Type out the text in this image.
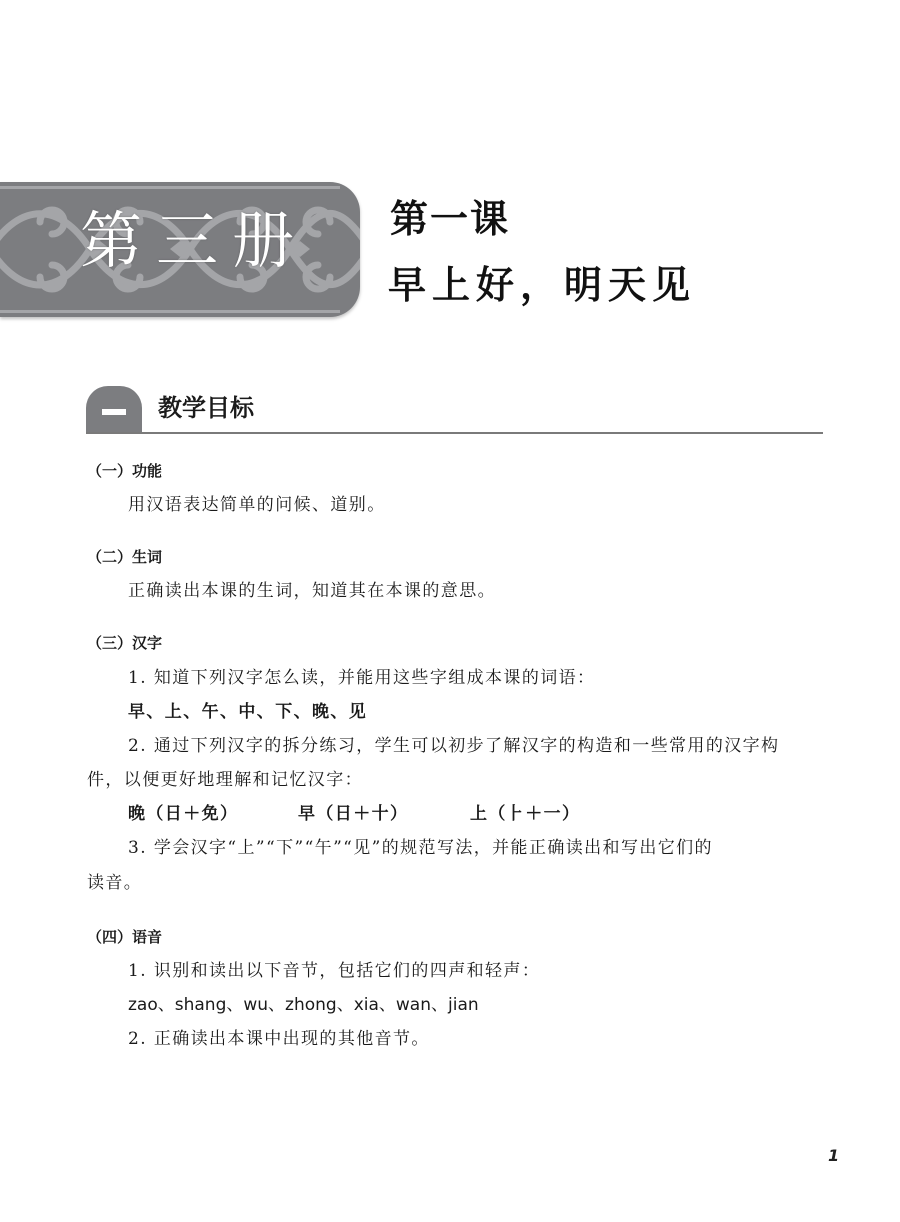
第三册 第一课
早上好，明天见
教学目标
（一）功能
用汉语表达简单的问候、道别。
（二）生词
正确读出本课的生词，知道其在本课的意思。
（三）汉字
1. 知道下列汉字怎么读，并能用这些字组成本课的词语：
早、上、午、中、下、晚、见
2. 通过下列汉字的拆分练习，学生可以初步了解汉字的构造和一些常用的汉字构
件，以便更好地理解和记忆汉字：
晚（日＋免）	早（日＋十）	上（⺊＋一）
3. 学会汉字“上”“下”“午”“见”的规范写法，并能正确读出和写出它们的
读音。
（四）语音
1. 识别和读出以下音节，包括它们的四声和轻声：
zao、shang、wu、zhong、xia、wan、jian
2. 正确读出本课中出现的其他音节。
1
